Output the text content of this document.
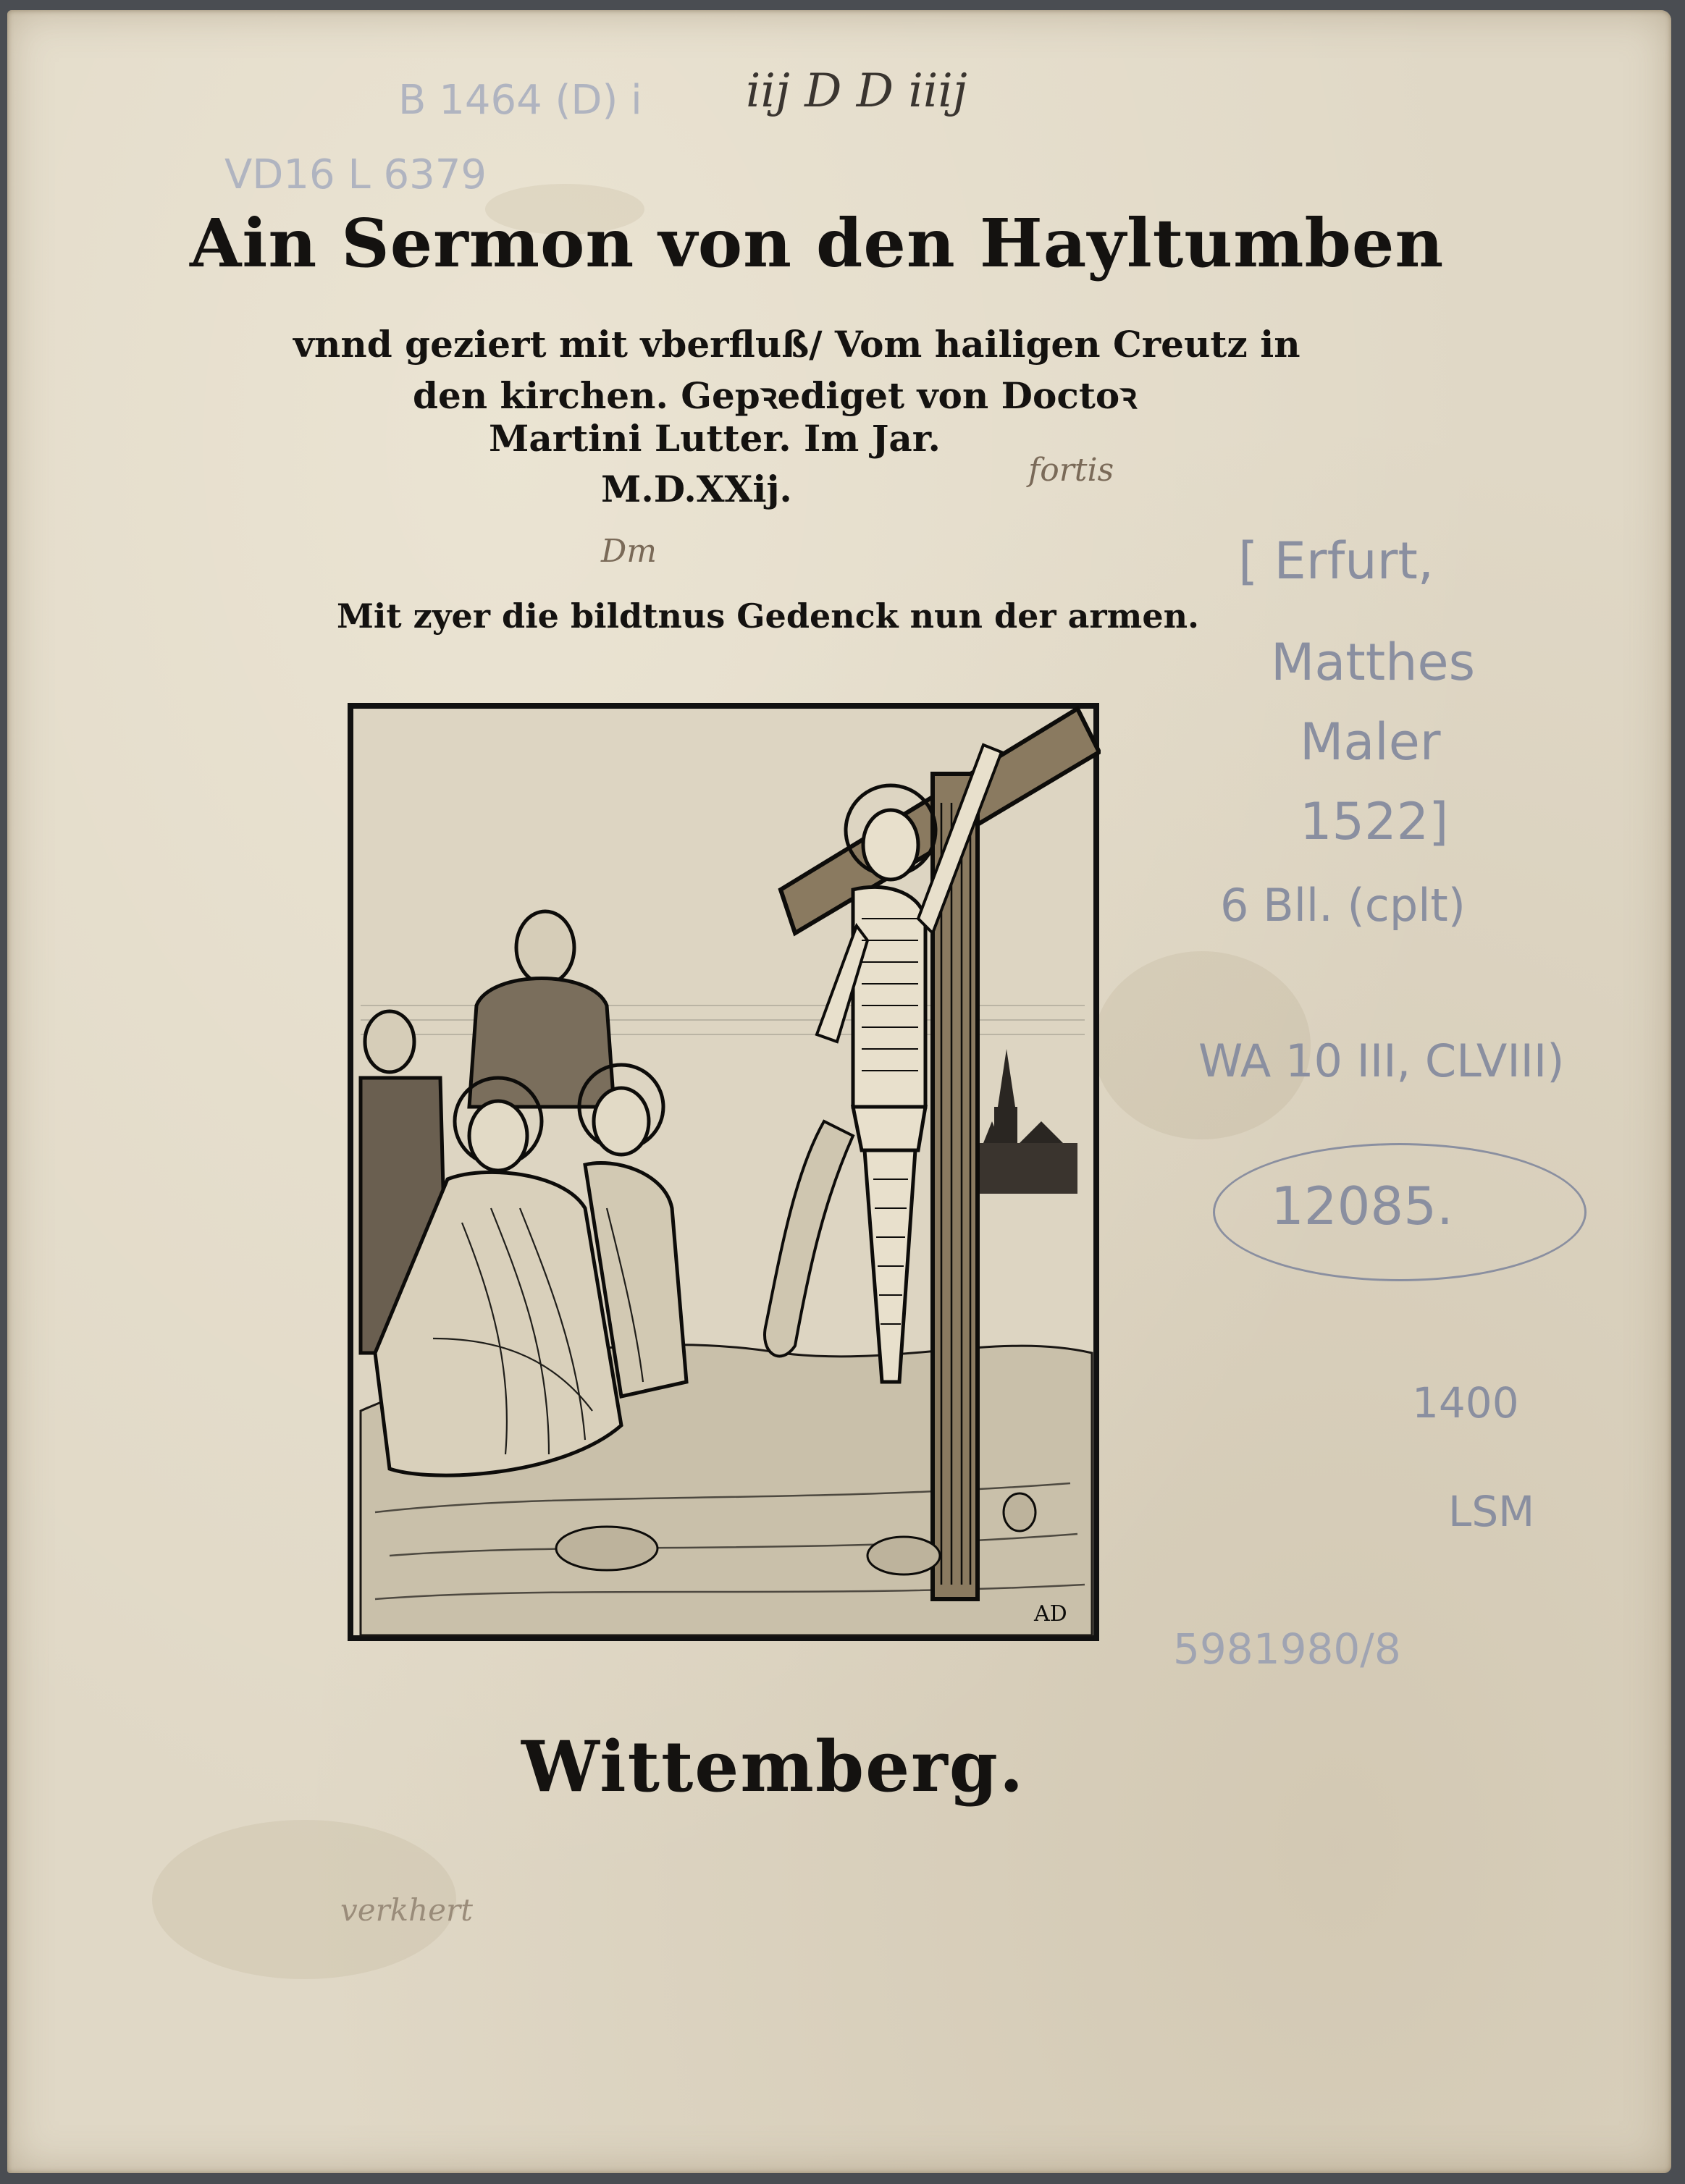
B 1464 (D) i
VD16 L 6379
iij D D iiij
Ain Sermon von den Hayltumben
vnnd geziert mit vberfluß/ Vom hailigen Creutz in
den kirchen. Gepꝛediget von Doctoꝛ
Martini Lutter. Im Jar.
M.D.XXij.	fortis
Dm
Mit zyer die bildtnus Gedenck nun der armen.
AD
[ Erfurt,
Matthes
Maler
1522]
6 Bll. (cplt)
WA 10 III, CLVIII)
12085.
1400
LSM
5981980/8
Wittemberg.
verkhert
